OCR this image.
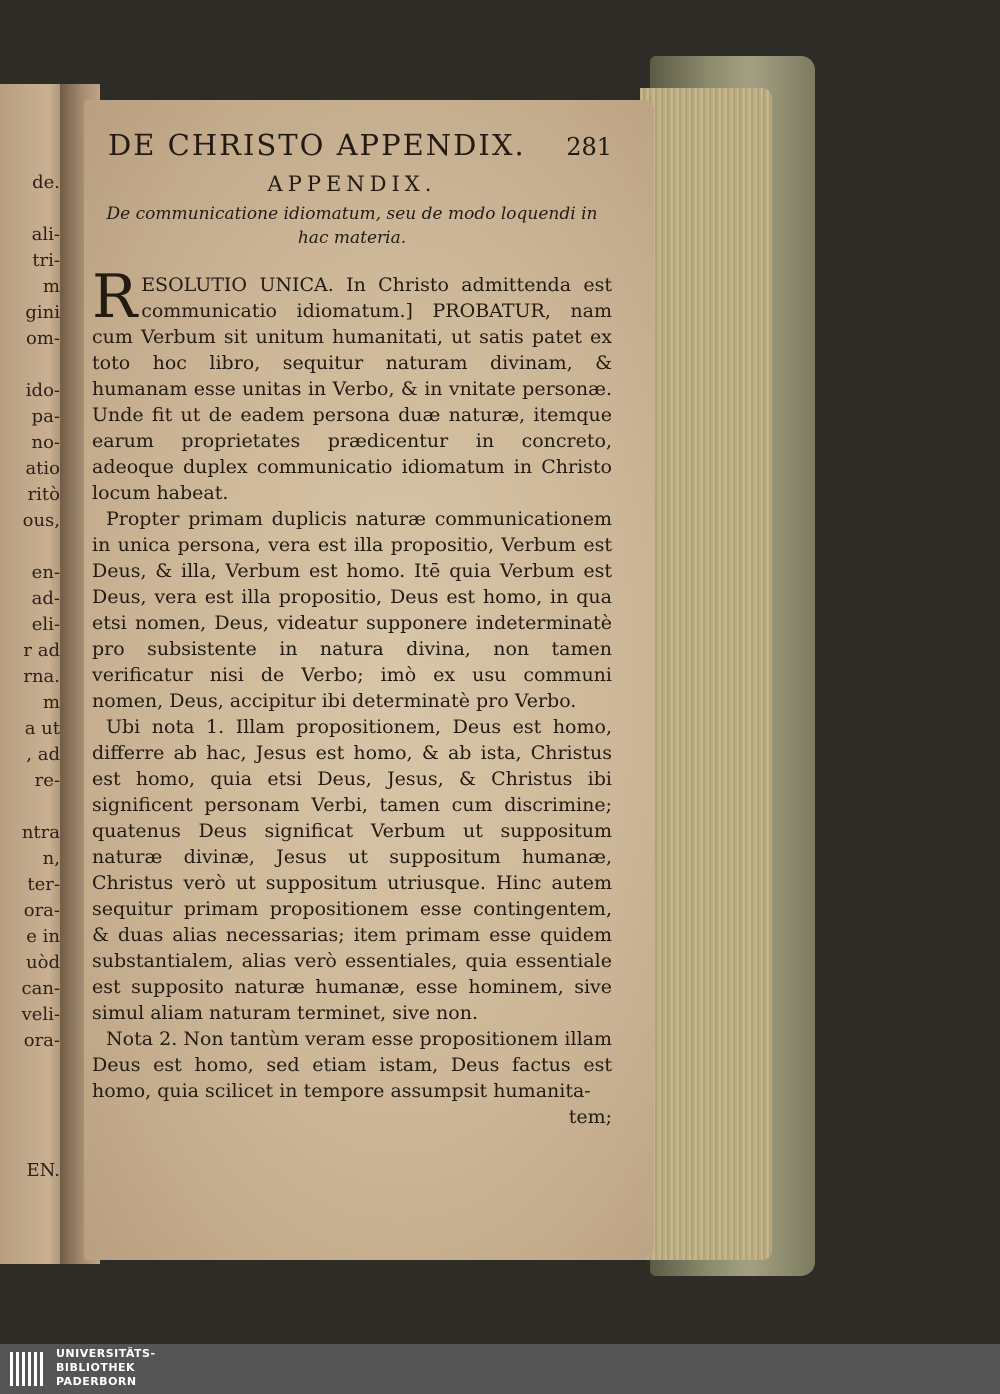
de.
ali-
tri-
m
gini
om-
ido-
pa-
no-
atio
ritò
ous,
en-
ad-
eli-
r ad
rna.
m
a ut
, ad
re-
ntra
n,
ter-
ora-
e in
uòd
can-
veli-
ora-
EN.
DE CHRISTO APPENDIX. 281
APPENDIX.
De communicatione idiomatum, seu de modo loquendi in
hac materia.

R ESOLUTIO UNICA. In Christo admittenda est communicatio idiomatum.] PROBATUR, nam cum Verbum sit unitum humanitati, ut satis patet ex toto hoc libro, sequitur naturam divinam, & humanam esse unitas in Verbo, & in vnitate personæ. Unde fit ut de eadem persona duæ naturæ, itemque earum proprietates prædicentur in concreto, adeoque duplex communicatio idiomatum in Christo locum habeat.

Propter primam duplicis naturæ communicationem in unica persona, vera est illa propositio, Verbum est Deus, & illa, Verbum est homo. Itē quia Verbum est Deus, vera est illa propositio, Deus est homo, in qua etsi nomen, Deus, videatur supponere indeterminatè pro subsistente in natura divina, non tamen verificatur nisi de Verbo; imò ex usu communi nomen, Deus, accipitur ibi determinatè pro Verbo.

Ubi nota 1. Illam propositionem, Deus est homo, differre ab hac, Jesus est homo, & ab ista, Christus est homo, quia etsi Deus, Jesus, & Christus ibi significent personam Verbi, tamen cum discrimine; quatenus Deus significat Verbum ut suppositum naturæ divinæ, Jesus ut suppositum humanæ, Christus verò ut suppositum utriusque. Hinc autem sequitur primam propositionem esse contingentem, & duas alias necessarias; item primam esse quidem substantialem, alias verò essentiales, quia essentiale est supposito naturæ humanæ, esse hominem, sive simul aliam naturam terminet, sive non.

Nota 2. Non tantùm veram esse propositionem illam Deus est homo, sed etiam istam, Deus factus est homo, quia scilicet in tempore assumpsit humanita-

tem;
UNIVERSITÄTS-
BIBLIOTHEK
PADERBORN
